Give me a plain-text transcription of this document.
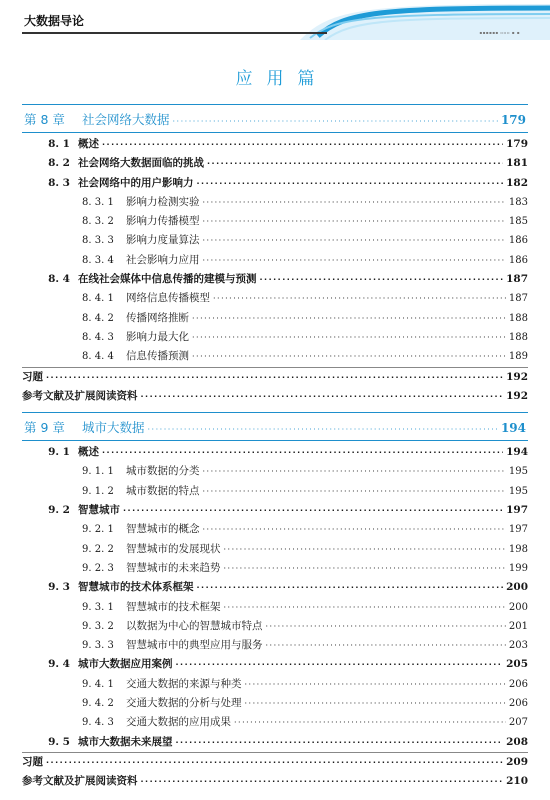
大数据导论
▪▪▪▪▪▪ ▫▫▫ ▪ ▪
应用篇
第 8 章	社会网络大数据 ·····	179
8. 1 概述 ·····	179
8. 2 社会网络大数据面临的挑战 ·····	181
8. 3 社会网络中的用户影响力 ·····	182
8. 3. 1	影响力检测实验 ·····	183
8. 3. 2	影响力传播模型 ·····	185
8. 3. 3	影响力度量算法 ·····	186
8. 3. 4	社会影响力应用 ·····	186
8. 4 在线社会媒体中信息传播的建模与预测 ·····	187
8. 4. 1	网络信息传播模型 ·····	187
8. 4. 2	传播网络推断 ·····	188
8. 4. 3	影响力最大化 ·····	188
8. 4. 4	信息传播预测 ·····	189
习题 ·····	192
参考文献及扩展阅读资料 ·····	192
第 9 章	城市大数据 ·····	194
9. 1 概述 ·····	194
9. 1. 1	城市数据的分类 ·····	195
9. 1. 2	城市数据的特点 ·····	195
9. 2 智慧城市 ·····	197
9. 2. 1	智慧城市的概念 ·····	197
9. 2. 2	智慧城市的发展现状 ·····	198
9. 2. 3	智慧城市的未来趋势 ·····	199
9. 3 智慧城市的技术体系框架 ·····	200
9. 3. 1	智慧城市的技术框架 ·····	200
9. 3. 2	以数据为中心的智慧城市特点 ·····	201
9. 3. 3	智慧城市中的典型应用与服务 ·····	203
9. 4 城市大数据应用案例 ·····	205
9. 4. 1	交通大数据的来源与种类 ·····	206
9. 4. 2	交通大数据的分析与处理 ·····	206
9. 4. 3	交通大数据的应用成果 ·····	207
9. 5 城市大数据未来展望 ·····	208
习题 ·····	209
参考文献及扩展阅读资料 ·····	210
